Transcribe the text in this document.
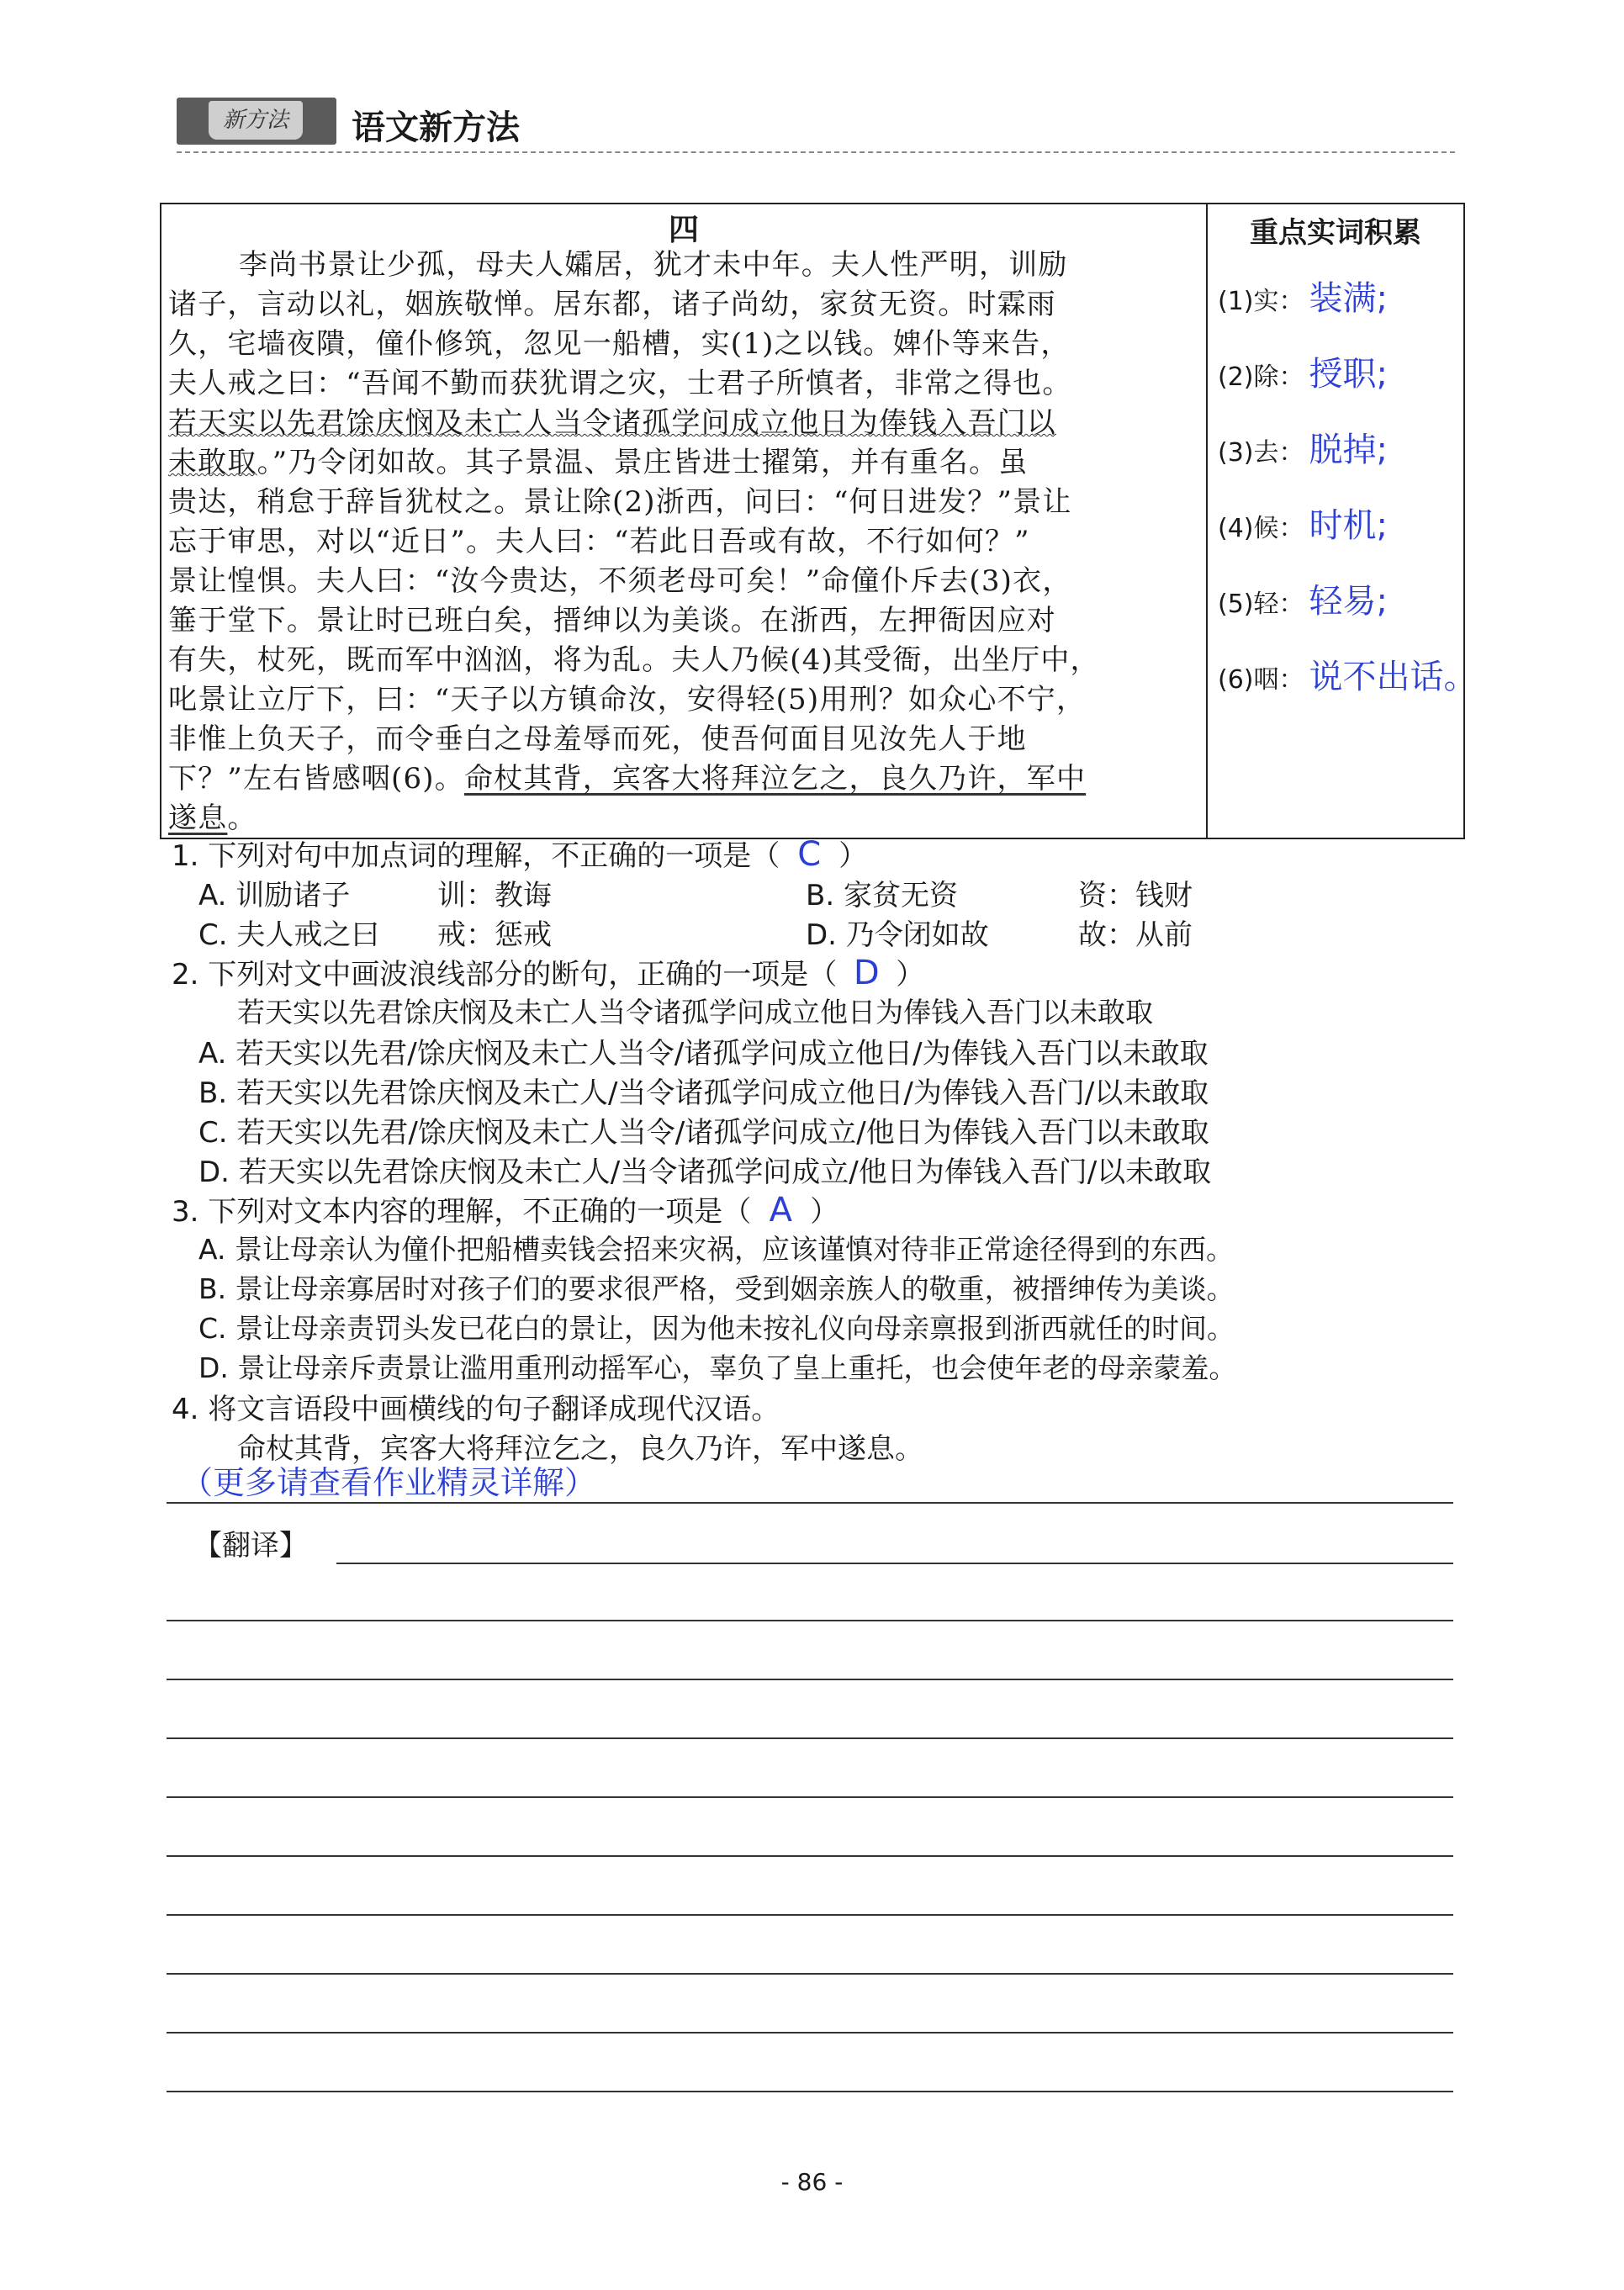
新方法	语文新方法
四
李尚书景让少孤，母夫人孀居，犹才未中年。夫人性严明，训励
诸子，言动以礼，姻族敬惮。居东都，诸子尚幼，家贫无资。时霖雨
久，宅墙夜隤，僮仆修筑，忽见一船槽，实(1)之以钱。婢仆等来告，
夫人戒之曰：“吾闻不勤而获犹谓之灾，士君子所慎者，非常之得也。
若天实以先君馀庆悯及未亡人当令诸孤学问成立他日为俸钱入吾门以
未敢取。”乃令闭如故。其子景温、景庄皆进士擢第，并有重名。虽
贵达，稍怠于辞旨犹杖之。景让除(2)浙西，问曰：“何日进发？”景让
忘于审思，对以“近日”。夫人曰：“若此日吾或有故，不行如何？”
景让惶惧。夫人曰：“汝今贵达，不须老母可矣！”命僮仆斥去(3)衣，
箠于堂下。景让时已班白矣，搢绅以为美谈。在浙西，左押衙因应对
有失，杖死，既而军中汹汹，将为乱。夫人乃候(4)其受衙，出坐厅中，
叱景让立厅下，曰：“天子以方镇命汝，安得轻(5)用刑？如众心不宁，
非惟上负天子，而令垂白之母羞辱而死，使吾何面目见汝先人于地
下？”左右皆感咽(6)。命杖其背，宾客大将拜泣乞之，良久乃许，军中
遂息。
重点实词积累
(1)实： 装满;
(2)除： 授职;
(3)去： 脱掉;
(4)候： 时机;
(5)轻： 轻易;
(6)咽： 说不出话。
1. 下列对句中加点词的理解，不正确的一项是（ C ）
A. 训励诸子	训：教诲	B. 家贫无资	资：钱财
C. 夫人戒之曰 戒：惩戒	D. 乃令闭如故	故：从前
2. 下列对文中画波浪线部分的断句，正确的一项是（ D ）
若天实以先君馀庆悯及未亡人当令诸孤学问成立他日为俸钱入吾门以未敢取
A. 若天实以先君/馀庆悯及未亡人当令/诸孤学问成立他日/为俸钱入吾门以未敢取
B. 若天实以先君馀庆悯及未亡人/当令诸孤学问成立他日/为俸钱入吾门/以未敢取
C. 若天实以先君/馀庆悯及未亡人当令/诸孤学问成立/他日为俸钱入吾门以未敢取
D. 若天实以先君馀庆悯及未亡人/当令诸孤学问成立/他日为俸钱入吾门/以未敢取
3. 下列对文本内容的理解，不正确的一项是（ A ）
A. 景让母亲认为僮仆把船槽卖钱会招来灾祸，应该谨慎对待非正常途径得到的东西。
B. 景让母亲寡居时对孩子们的要求很严格，受到姻亲族人的敬重，被搢绅传为美谈。
C. 景让母亲责罚头发已花白的景让，因为他未按礼仪向母亲禀报到浙西就任的时间。
D. 景让母亲斥责景让滥用重刑动摇军心，辜负了皇上重托，也会使年老的母亲蒙羞。
4. 将文言语段中画横线的句子翻译成现代汉语。
命杖其背，宾客大将拜泣乞之，良久乃许，军中遂息。
（更多请查看作业精灵详解）
【翻译】
- 86 -
